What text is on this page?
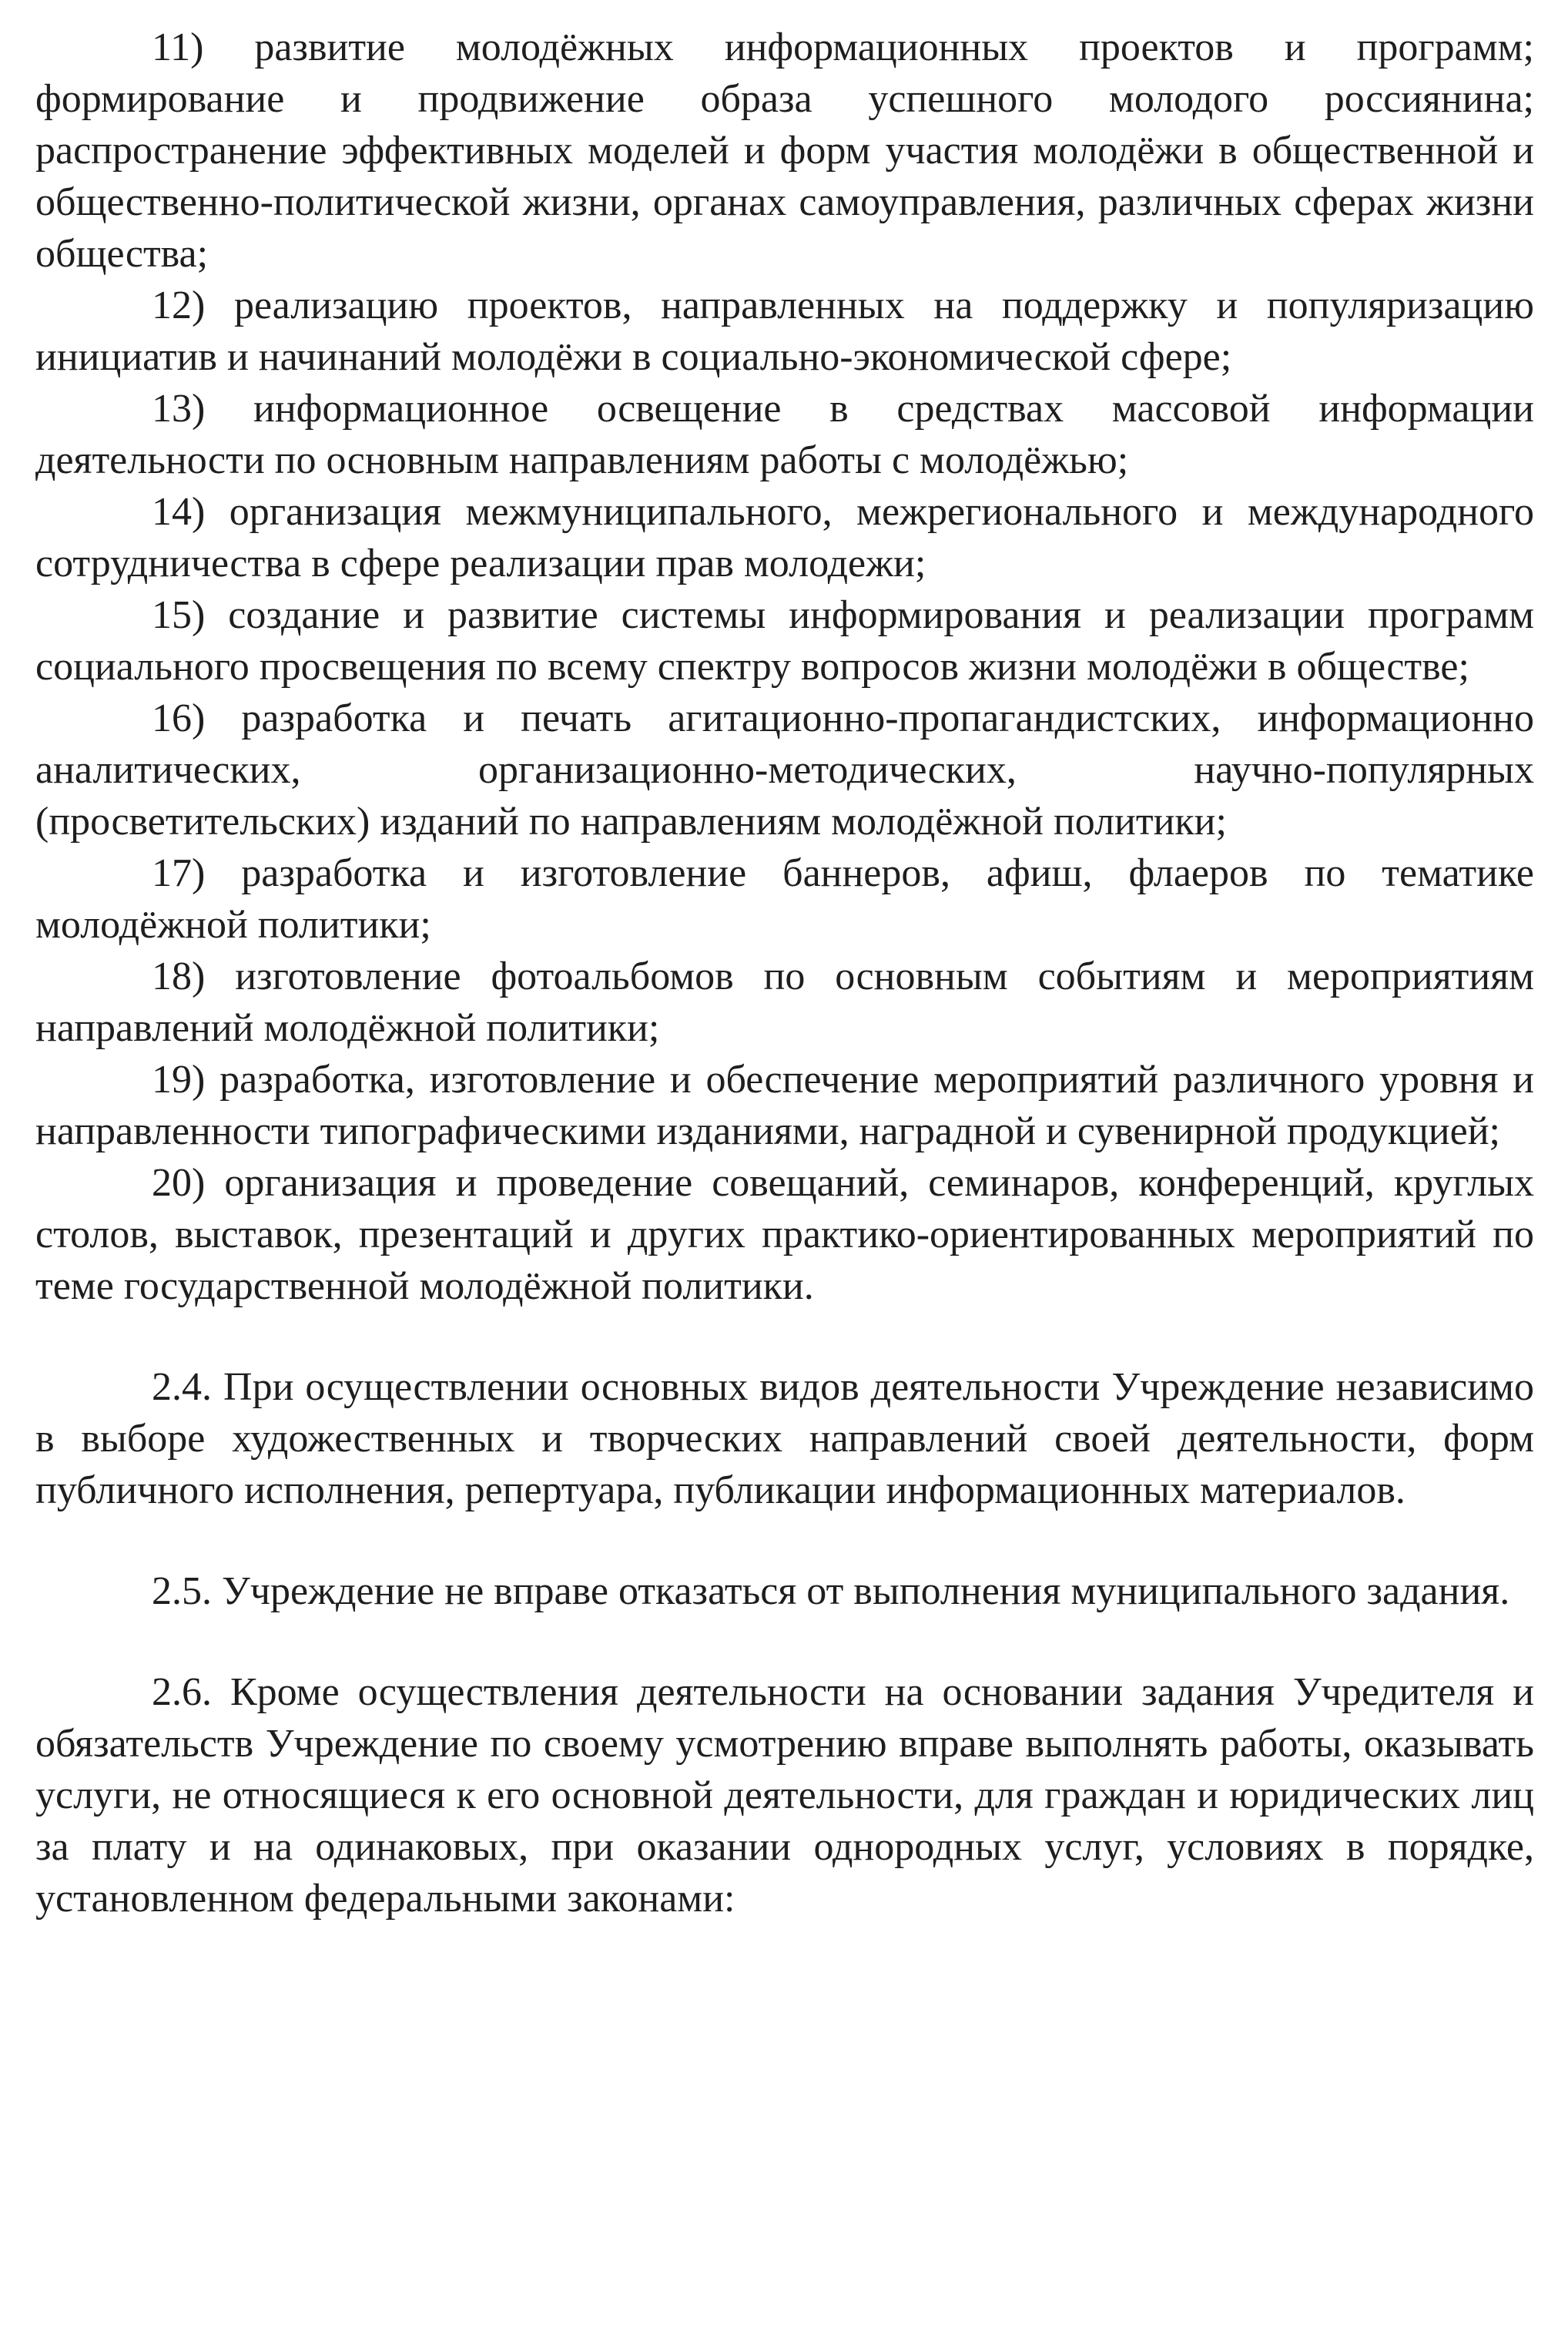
11) развитие молодёжных информационных проектов и программ; формирование и продвижение образа успешного молодого россиянина; распространение эффективных моделей и форм участия молодёжи в общественной и общественно-политической жизни, органах самоуправления, различных сферах жизни общества;

12) реализацию проектов, направленных на поддержку и популяризацию инициатив и начинаний молодёжи в социально-экономической сфере;

13) информационное освещение в средствах массовой информации деятельности по основным направлениям работы с молодёжью;

14) организация межмуниципального, межрегионального и международного сотрудничества в сфере реализации прав молодежи;

15) создание и развитие системы информирования и реализации программ социального просвещения по всему спектру вопросов жизни молодёжи в обществе;

16) разработка и печать агитационно-пропагандистских, информационно аналитических, организационно-методических, научно-популярных (просветительских) изданий по направлениям молодёжной политики;

17) разработка и изготовление баннеров, афиш, флаеров по тематике молодёжной политики;

18) изготовление фотоальбомов по основным событиям и мероприятиям направлений молодёжной политики;

19) разработка, изготовление и обеспечение мероприятий различного уровня и направленности типографическими изданиями, наградной и сувенирной продукцией;

20) организация и проведение совещаний, семинаров, конференций, круглых столов, выставок, презентаций и других практико-ориентированных мероприятий по теме государственной молодёжной политики.

2.4. При осуществлении основных видов деятельности Учреждение независимо в выборе художественных и творческих направлений своей деятельности, форм публичного исполнения, репертуара, публикации информационных материалов.

2.5. Учреждение не вправе отказаться от выполнения муниципального задания.

2.6. Кроме осуществления деятельности на основании задания Учредителя и обязательств Учреждение по своему усмотрению вправе выполнять работы, оказывать услуги, не относящиеся к его основной деятельности, для граждан и юридических лиц за плату и на одинаковых, при оказании однородных услуг, условиях в порядке, установленном федеральными законами:
